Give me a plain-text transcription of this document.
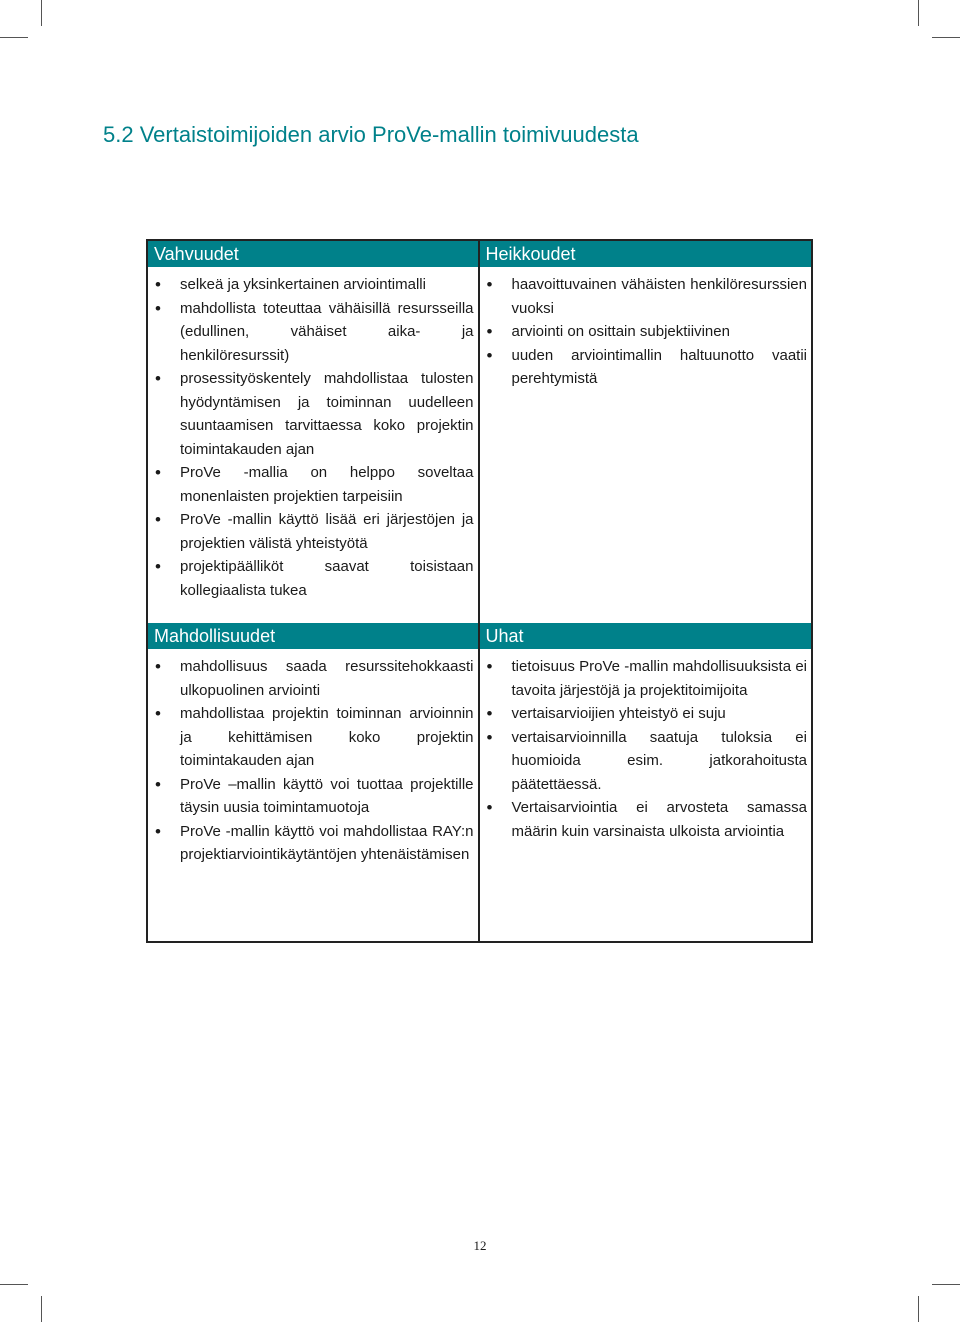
5.2 Vertaistoimijoiden arvio ProVe-mallin toimivuudesta
Vahvuudet
• selkeä ja yksinkertainen arviointimalli
• mahdollista toteuttaa vähäisillä resursseilla (edullinen, vähäiset aika- ja henkilöresurssit)
• prosessityöskentely mahdollistaa tulosten hyödyntämisen ja toiminnan uudelleen suuntaamisen tarvittaessa koko projektin toimintakauden ajan
• ProVe -mallia on helppo soveltaa monenlaisten projektien tarpeisiin
• ProVe -mallin käyttö lisää eri järjestöjen ja projektien välistä yhteistyötä
• projektipäälliköt saavat toisistaan kollegiaalista tukea
Heikkoudet
• haavoittuvainen vähäisten henkilöresurssien vuoksi
• arviointi on osittain subjektiivinen
• uuden arviointimallin haltuunotto vaatii perehtymistä
Mahdollisuudet
• mahdollisuus saada resurssitehokkaasti ulkopuolinen arviointi
• mahdollistaa projektin toiminnan arvioinnin ja kehittämisen koko projektin toimintakauden ajan
• ProVe –mallin käyttö voi tuottaa projektille täysin uusia toimintamuotoja
• ProVe -mallin käyttö voi mahdollistaa RAY:n projektiarviointikäytäntöjen yhtenäistämisen
Uhat
• tietoisuus ProVe -mallin mahdollisuuksista ei tavoita järjestöjä ja projektitoimijoita
• vertaisarvioijien yhteistyö ei suju
• vertaisarvioinnilla saatuja tuloksia ei huomioida esim. jatkorahoitusta päätettäessä.
• Vertaisarviointia ei arvosteta samassa määrin kuin varsinaista ulkoista arviointia
12
